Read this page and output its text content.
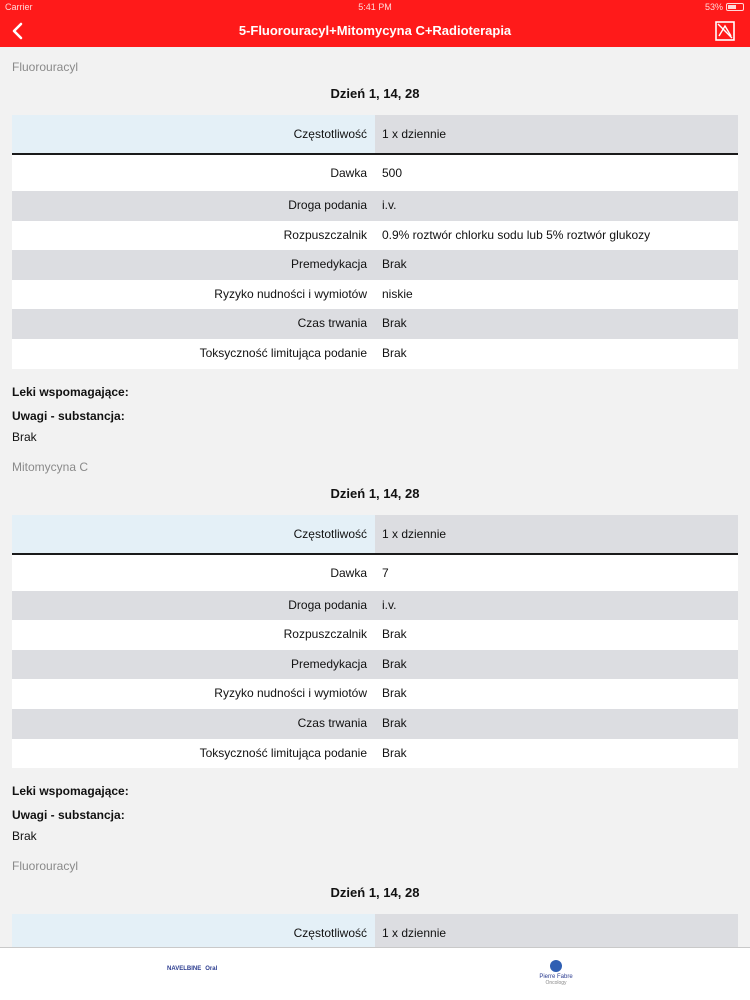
Carrier	5:41 PM	53%
5-Fluorouracyl+Mitomycyna C+Radioterapia
Fluorouracyl
Dzień 1, 14, 28
Częstotliwość	1 x dziennie
Dawka	500
Droga podania	i.v.
Rozpuszczalnik	0.9% roztwór chlorku sodu lub 5% roztwór glukozy
Premedykacja	Brak
Ryzyko nudności i wymiotów	niskie
Czas trwania	Brak
Toksyczność limitująca podanie	Brak
Leki wspomagające:
Uwagi - substancja:
Brak
Mitomycyna C
Dzień 1, 14, 28
Częstotliwość	1 x dziennie
Dawka	7
Droga podania	i.v.
Rozpuszczalnik	Brak
Premedykacja	Brak
Ryzyko nudności i wymiotów	Brak
Czas trwania	Brak
Toksyczność limitująca podanie	Brak
Leki wspomagające:
Uwagi - substancja:
Brak
Fluorouracyl
Dzień 1, 14, 28
Częstotliwość	1 x dziennie
NAVELBINE Oral
Pierre Fabre
Oncology
